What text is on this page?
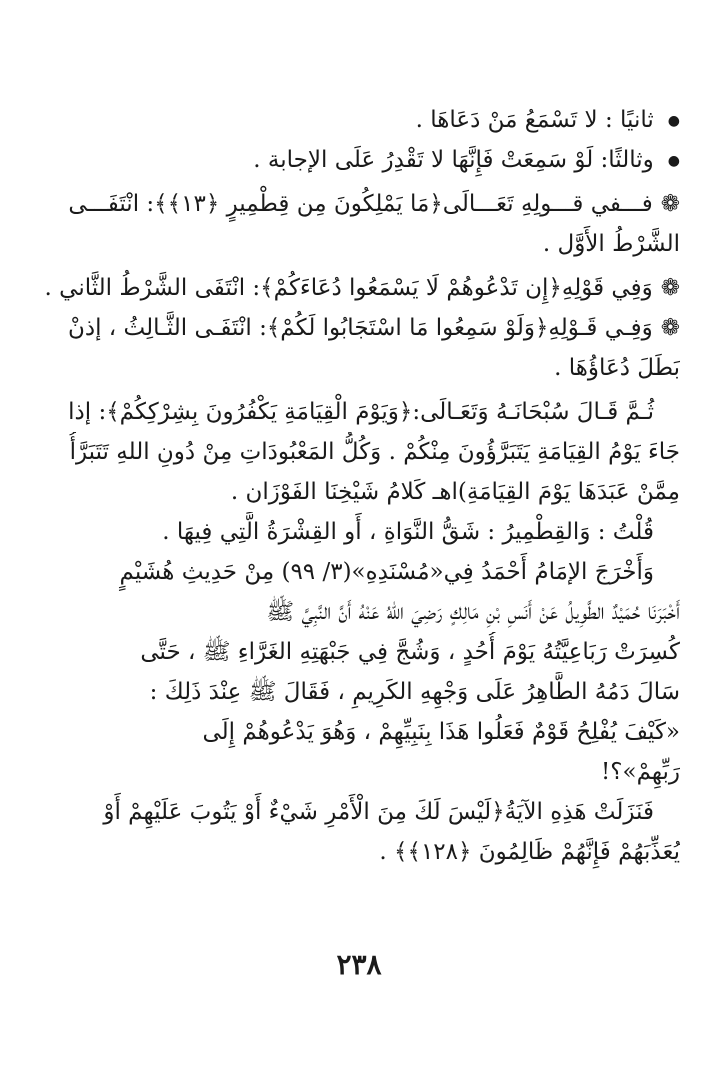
● ثانيًا : لا تَسْمَعُ مَنْ دَعَاهَا .
● وثالثًا: لَوْ سَمِعَتْ فَإِنَّهَا لا تَقْدِرُ عَلَى الإجابة .
❁فـــفي قـــولِهِ تَعَـــالَى﴿مَا يَمْلِكُونَ مِن قِطْمِيرٍ ﴿١٣﴾﴾: انْتَفَـــى
الشَّرْطُ الأَوَّل .
❁وَفِي قَوْلِهِ﴿إِن تَدْعُوهُمْ لَا يَسْمَعُوا دُعَاءَكُمْ﴾: انْتَفَى الشَّرْطُ الثَّاني .
❁وَفِـي قَـوْلِهِ﴿وَلَوْ سَمِعُوا مَا اسْتَجَابُوا لَكُمْ﴾: انْتَفَـى الثَّـالِثُ ، إذنْ
بَطَلَ دُعَاؤُهَا .
ثُـمَّ قَـالَ سُبْحَانَـهُ وَتَعَـالَى:﴿وَيَوْمَ الْقِيَامَةِ يَكْفُرُونَ بِشِرْكِكُمْ﴾: إذا
جَاءَ يَوْمُ القِيَامَةِ يَتَبَرَّؤُونَ مِنْكُمْ . وَكُلُّ المَعْبُودَاتِ مِنْ دُونِ اللهِ تَتَبَرَّأُ
مِمَّنْ عَبَدَهَا يَوْمَ القِيَامَةِ)اهـ كَلامُ شَيْخِنَا الفَوْزَان .
قُلْتُ : وَالقِطْمِيرُ : شَقُّ النَّوَاةِ ، أَو القِشْرَةُ الَّتِي فِيهَا .
وَأَخْرَجَ الإمَامُ أَحْمَدُ فِي«مُسْنَدِهِ»(٣/ ٩٩) مِنْ حَدِيثِ هُشَيْمٍ
أَخْبَرَنَا حُمَيْدٌ الطَّوِيلُ عَنْ أَنَسِ بْنِ مَالِكٍ رَضِيَ اللهُ عَنْهُ أَنَّ النَّبِيَّ ﷺ
كُسِرَتْ رَبَاعِيَّتُهُ يَوْمَ أُحُدٍ ، وَشُجَّ فِي جَبْهَتِهِ الغَرَّاءِ ﷺ ، حَتَّى
سَالَ دَمُهُ الطَّاهِرُ عَلَى وَجْهِهِ الكَرِيمِ ، فَقَالَ ﷺ عِنْدَ ذَلِكَ :
«كَيْفَ يُفْلِحُ قَوْمٌ فَعَلُوا هَذَا بِنَبِيِّهِمْ ، وَهُوَ يَدْعُوهُمْ إِلَى
رَبِّهِمْ»؟!
فَنَزَلَتْ هَذِهِ الآيَةُ﴿لَيْسَ لَكَ مِنَ الْأَمْرِ شَيْءٌ أَوْ يَتُوبَ عَلَيْهِمْ أَوْ
يُعَذِّبَهُمْ فَإِنَّهُمْ ظَالِمُونَ ﴿١٢٨﴾﴾ .
٢٣٨
